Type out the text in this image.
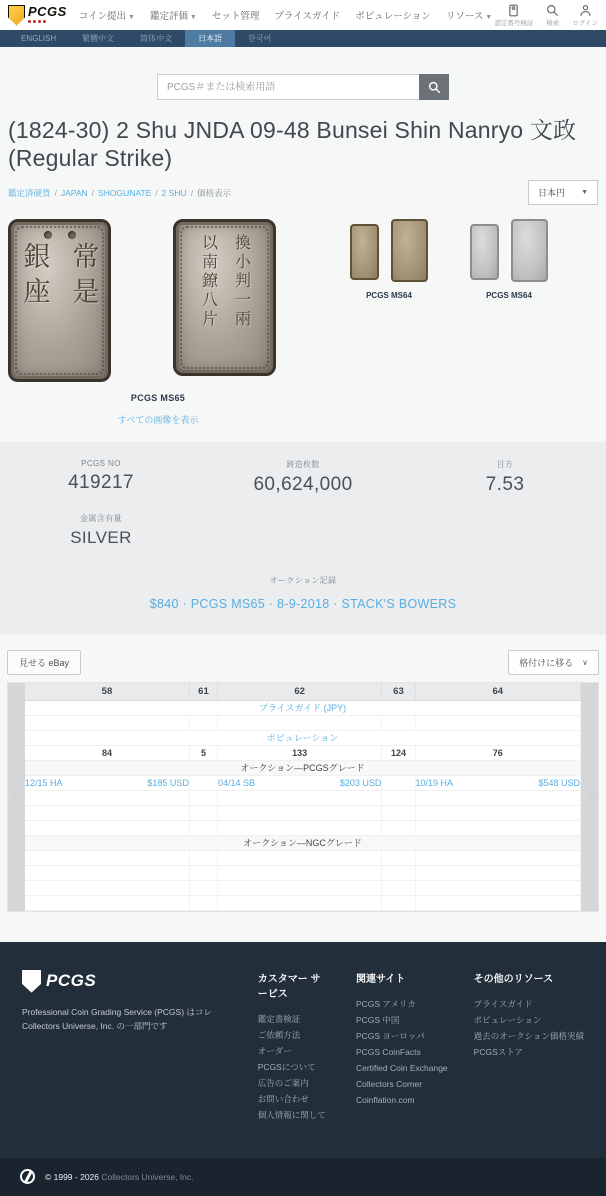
PCGS コイン提出 ▼ 鑑定評価 ▼ セット管理 プライスガイド ポピュレーション リソース ▼
認定番号検証 検索 ログイン
ENGLISH	繁體中文	简体中文	日本語	한국어
PCGS＃または検索用語
(1824-30) 2 Shu JNDA 09-48 Bunsei Shin Nanryo 文政 (Regular Strike)
鑑定済硬貨 / JAPAN / SHOGUNATE / 2 SHU / 価格表示	日本円 ▼
銀座 常是	以南鐐八片 換小判一兩
PCGS MS65
すべての画像を表示
PCGS MS64	PCGS MS64
PCGS NO
419217
鋳造枚数
60,624,000
目方
7.53
金属含有量
SILVER
オークション記録
$840 · PCGS MS65 · 8-9-2018 · STACK'S BOWERS
見せる eBay	格付けに移る ∨
58	61	62	63	64
プライスガイド (JPY)				

ポピュレーション				
84	5	133	124	76
オークション―PCGSグレード				

12/15 HA $185 USD		04/14 SB $203 USD		10/19 HA $548 USD

オークション―NGCグレード				

‹	›
PCGS
Professional Coin Grading Service (PCGS) はコレ
Collectors Universe, Inc. の一部門です
カスタマー サービス
鑑定書検証
ご依頼方法
オーダー
PCGSについて
広告のご案内
お問い合わせ
個人情報に関して
関連サイト
PCGS アメリカ
PCGS 中国
PCGS ヨーロッパ
PCGS CoinFacts
Certified Coin Exchange
Collectors Corner
Coinflation.com
その他のリソース
プライスガイド
ポピュレーション
過去のオークション価格実績
PCGSストア
© 1999 - 2026 Collectors Universe, Inc.
